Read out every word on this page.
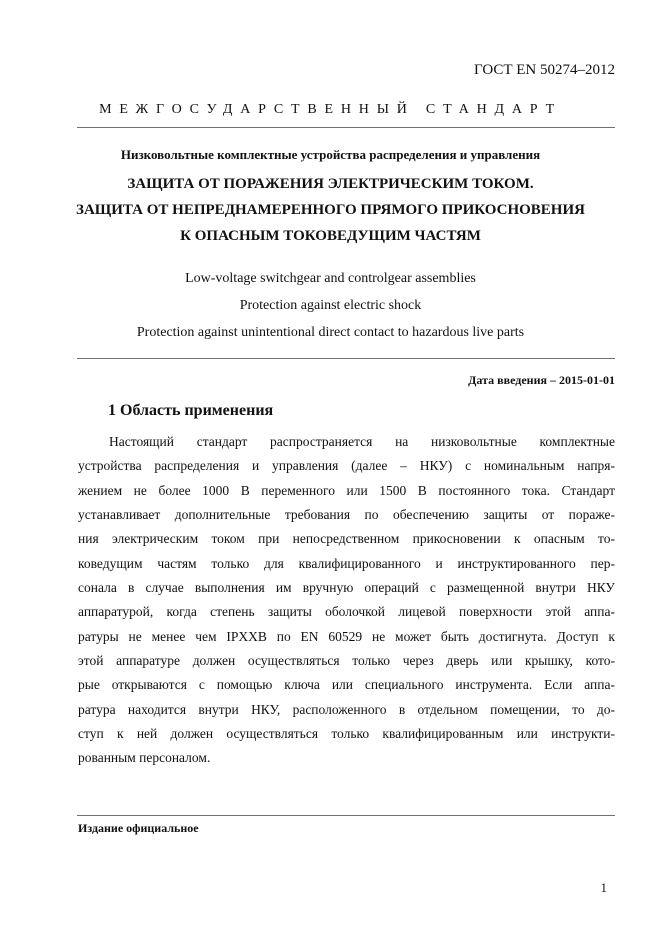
ГОСТ EN 50274–2012
МЕЖГОСУДАРСТВЕННЫЙ СТАНДАРТ
Низковольтные комплектные устройства распределения и управления
ЗАЩИТА ОТ ПОРАЖЕНИЯ ЭЛЕКТРИЧЕСКИМ ТОКОМ.
ЗАЩИТА ОТ НЕПРЕДНАМЕРЕННОГО ПРЯМОГО ПРИКОСНОВЕНИЯ
К ОПАСНЫМ ТОКОВЕДУЩИМ ЧАСТЯМ
Low-voltage switchgear and controlgear assemblies
Protection against electric shock
Protection against unintentional direct contact to hazardous live parts
Дата введения – 2015-01-01
1 Область применения
Настоящий стандарт распространяется на низковольтные комплектные
устройства распределения и управления (далее – НКУ) с номинальным напря-
жением не более 1000 В переменного или 1500 В постоянного тока. Стандарт
устанавливает дополнительные требования по обеспечению защиты от пораже-
ния электрическим током при непосредственном прикосновении к опасным то-
коведущим частям только для квалифицированного и инструктированного пер-
сонала в случае выполнения им вручную операций с размещенной внутри НКУ
аппаратурой, когда степень защиты оболочкой лицевой поверхности этой аппа-
ратуры не менее чем IPXXB по EN 60529 не может быть достигнута. Доступ к
этой аппаратуре должен осуществляться только через дверь или крышку, кото-
рые открываются с помощью ключа или специального инструмента. Если аппа-
ратура находится внутри НКУ, расположенного в отдельном помещении, то до-
ступ к ней должен осуществляться только квалифицированным или инструкти-
рованным персоналом.
Издание официальное
1
